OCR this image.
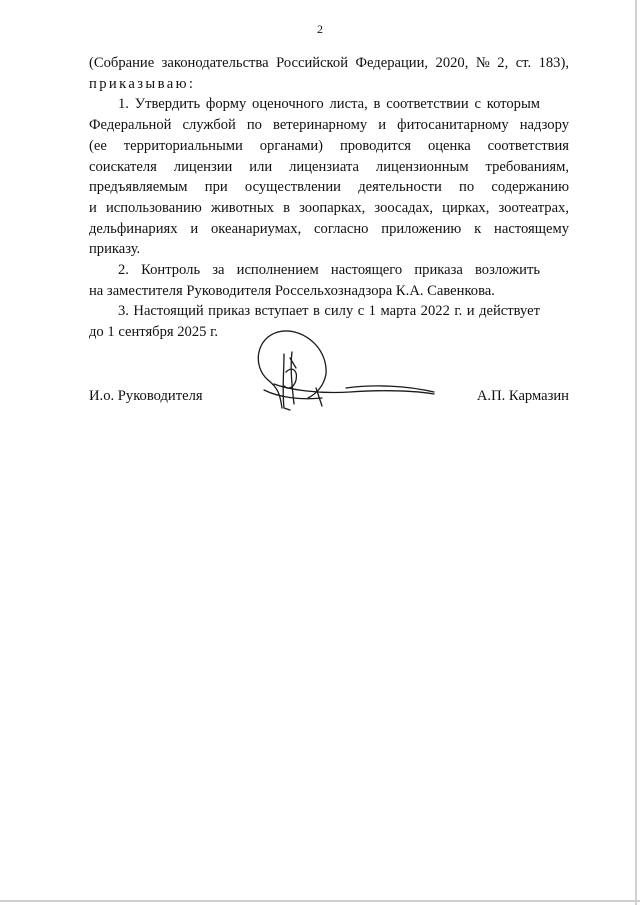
2
(Собрание законодательства Российской Федерации, 2020, № 2, ст. 183),
приказываю:

1. Утвердить форму оценочного листа, в соответствии с которым
Федеральной службой по ветеринарному и фитосанитарному надзору
(ее территориальными органами) проводится оценка соответствия
соискателя лицензии или лицензиата лицензионным требованиям,
предъявляемым при осуществлении деятельности по содержанию
и использованию животных в зоопарках, зоосадах, цирках, зоотеатрах,
дельфинариях и океанариумах, согласно приложению к настоящему
приказу.

2. Контроль за исполнением настоящего приказа возложить
на заместителя Руководителя Россельхознадзора К.А. Савенкова.

3. Настоящий приказ вступает в силу с 1 марта 2022 г. и действует
до 1 сентября 2025 г.

И.о. Руководителя	А.П. Кармазин
